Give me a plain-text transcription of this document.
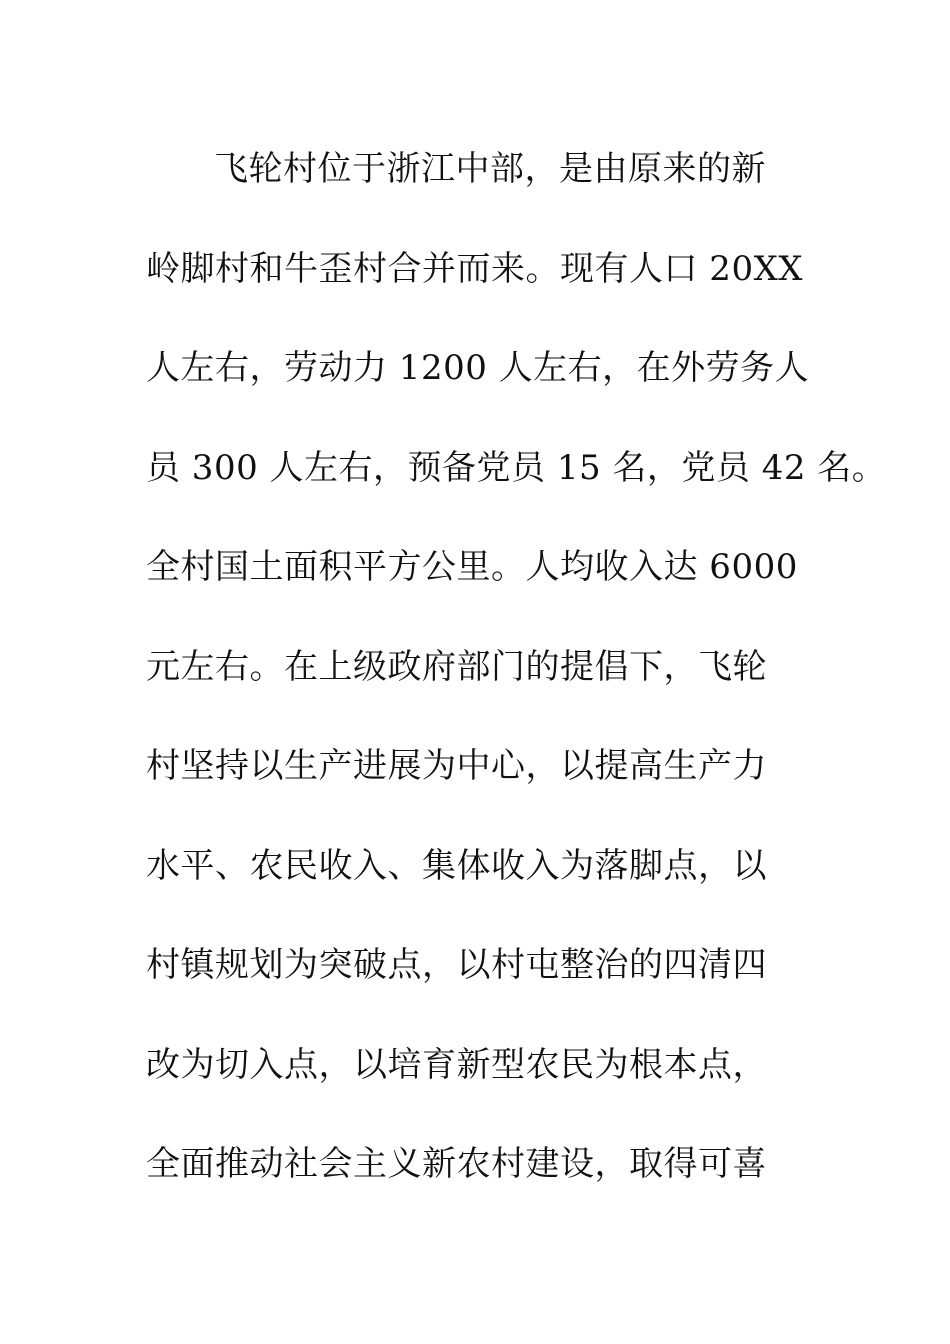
飞轮村位于浙江中部，是由原来的新
岭脚村和牛歪村合并而来。现有人口 20XX
人左右，劳动力 1200 人左右，在外劳务人
员 300 人左右，预备党员 15 名，党员 42 名。
全村国土面积平方公里。人均收入达 6000
元左右。在上级政府部门的提倡下，飞轮
村坚持以生产进展为中心，以提高生产力
水平、农民收入、集体收入为落脚点，以
村镇规划为突破点，以村屯整治的四清四
改为切入点，以培育新型农民为根本点，
全面推动社会主义新农村建设，取得可喜
